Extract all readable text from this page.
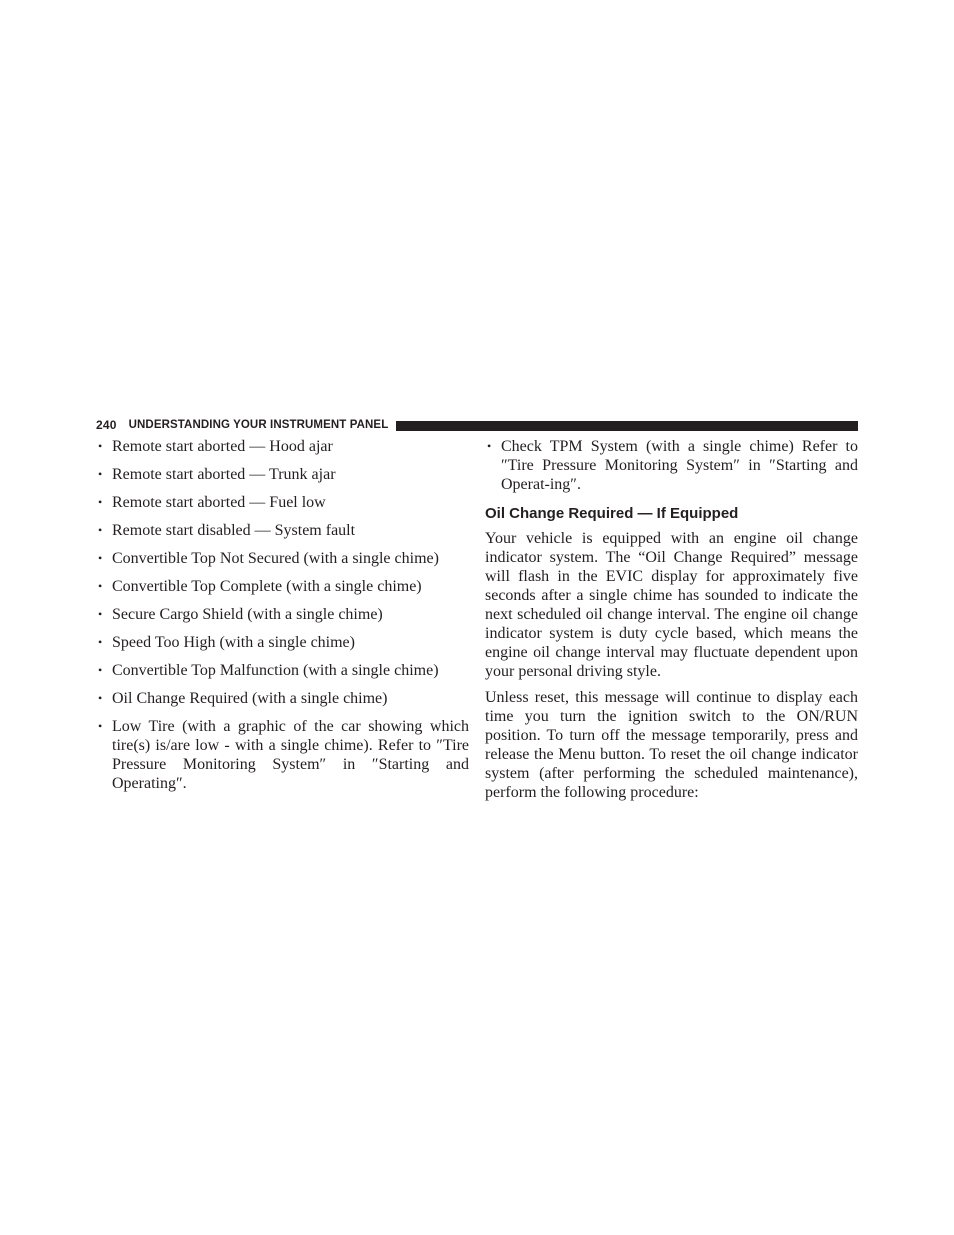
240 UNDERSTANDING YOUR INSTRUMENT PANEL
• Remote start aborted — Hood ajar
• Remote start aborted — Trunk ajar
• Remote start aborted — Fuel low
• Remote start disabled — System fault
• Convertible Top Not Secured (with a single chime)
• Convertible Top Complete (with a single chime)
• Secure Cargo Shield (with a single chime)
• Speed Too High (with a single chime)
• Convertible Top Malfunction (with a single chime)
• Oil Change Required (with a single chime)
• Low Tire (with a graphic of the car showing which tire(s) is/are low - with a single chime). Refer to ″Tire Pressure Monitoring System″ in ″Starting and Operating″.
• Check TPM System (with a single chime) Refer to ″Tire Pressure Monitoring System″ in ″Starting and Operat-ing″.
Oil Change Required — If Equipped

Your vehicle is equipped with an engine oil change indicator system. The “Oil Change Required” message will flash in the EVIC display for approximately five seconds after a single chime has sounded to indicate the next scheduled oil change interval. The engine oil change indicator system is duty cycle based, which means the engine oil change interval may fluctuate dependent upon your personal driving style.

Unless reset, this message will continue to display each time you turn the ignition switch to the ON/RUN position. To turn off the message temporarily, press and release the Menu button. To reset the oil change indicator system (after performing the scheduled maintenance), perform the following procedure:
